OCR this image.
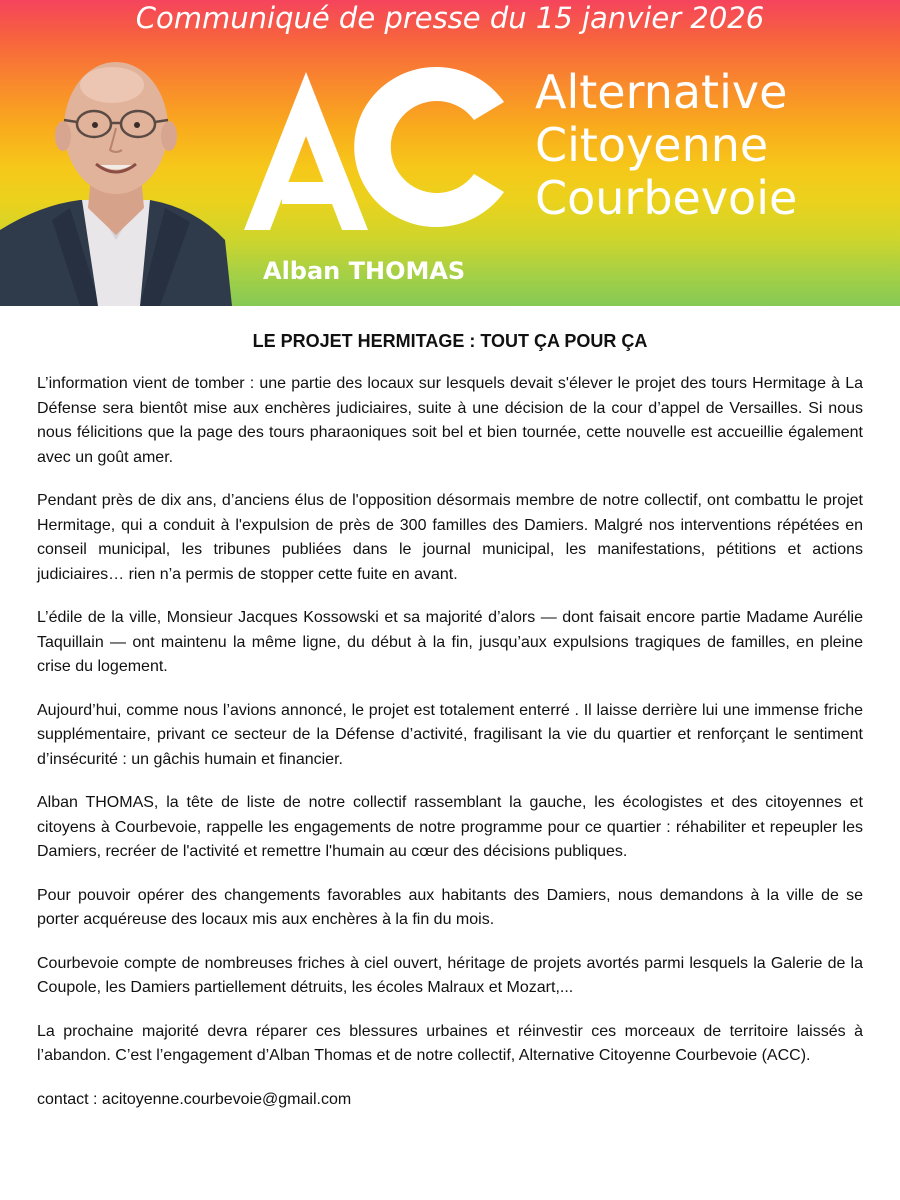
Communiqué de presse du 15 janvier 2026
Alternative
Citoyenne
Courbevoie
Alban THOMAS
LE PROJET HERMITAGE : TOUT ÇA POUR ÇA

L’information vient de tomber : une partie des locaux sur lesquels devait s'élever le projet des tours Hermitage à La Défense sera bientôt mise aux enchères judiciaires, suite à une décision de la cour d’appel de Versailles. Si nous nous félicitions que la page des tours pharaoniques soit bel et bien tournée, cette nouvelle est accueillie également avec un goût amer.

Pendant près de dix ans, d’anciens élus de l'opposition désormais membre de notre collectif, ont combattu le projet Hermitage, qui a conduit à l'expulsion de près de 300 familles des Damiers. Malgré nos interventions répétées en conseil municipal, les tribunes publiées dans le journal municipal, les manifestations, pétitions et actions judiciaires… rien n’a permis de stopper cette fuite en avant.

L’édile de la ville, Monsieur Jacques Kossowski et sa majorité d’alors — dont faisait encore partie Madame Aurélie Taquillain — ont maintenu la même ligne, du début à la fin, jusqu’aux expulsions tragiques de familles, en pleine crise du logement.

Aujourd’hui, comme nous l’avions annoncé, le projet est totalement enterré . Il laisse derrière lui une immense friche supplémentaire, privant ce secteur de la Défense d’activité, fragilisant la vie du quartier et renforçant le sentiment d’insécurité : un gâchis humain et financier.

Alban THOMAS, la tête de liste de notre collectif rassemblant la gauche, les écologistes et des citoyennes et citoyens à Courbevoie, rappelle les engagements de notre programme pour ce quartier : réhabiliter et repeupler les Damiers, recréer de l'activité et remettre l'humain au cœur des décisions publiques.

Pour pouvoir opérer des changements favorables aux habitants des Damiers, nous demandons à la ville de se porter acquéreuse des locaux mis aux enchères à la fin du mois.

Courbevoie compte de nombreuses friches à ciel ouvert, héritage de projets avortés parmi lesquels la Galerie de la Coupole, les Damiers partiellement détruits, les écoles Malraux et Mozart,...

La prochaine majorité devra réparer ces blessures urbaines et réinvestir ces morceaux de territoire laissés à l’abandon. C’est l’engagement d’Alban Thomas et de notre collectif, Alternative Citoyenne Courbevoie (ACC).

contact : acitoyenne.courbevoie@gmail.com
